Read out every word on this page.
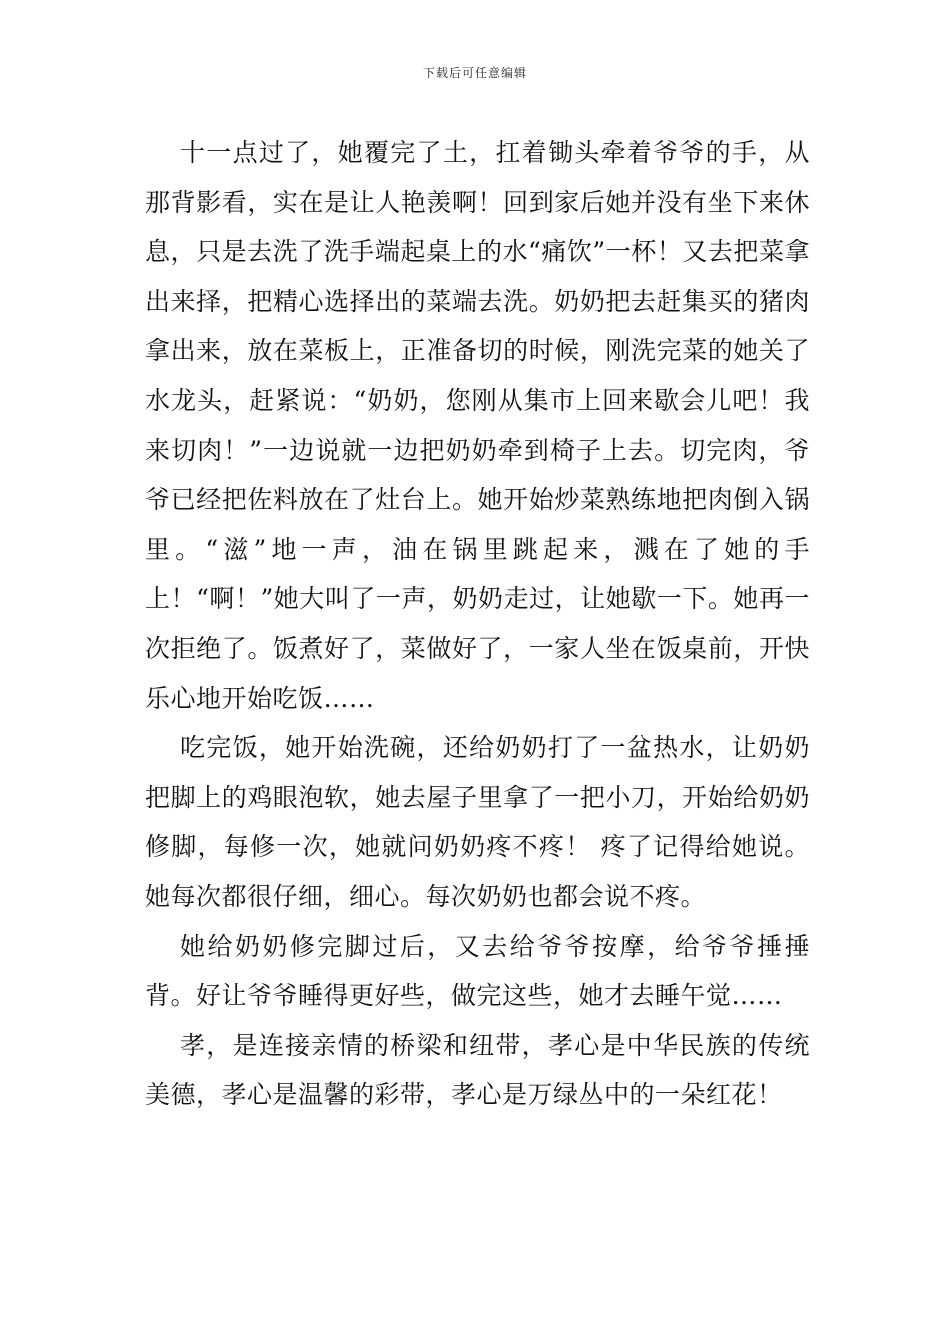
下载后可任意编辑

十一点过了，她覆完了土，扛着锄头牵着爷爷的手，从那背影看，实在是让人艳羡啊！回到家后她并没有坐下来休息，只是去洗了洗手端起桌上的水“痛饮”一杯！又去把菜拿出来择，把精心选择出的菜端去洗。奶奶把去赶集买的猪肉拿出来，放在菜板上，正准备切的时候，刚洗完菜的她关了水龙头，赶紧说：“奶奶，您刚从集市上回来歇会儿吧！我来切肉！”一边说就一边把奶奶牵到椅子上去。切完肉，爷爷已经把佐料放在了灶台上。她开始炒菜熟练地把肉倒入锅里。“滋”地一声，油在锅里跳起来，溅在了她的手上！“啊！”她大叫了一声，奶奶走过，让她歇一下。她再一次拒绝了。饭煮好了，菜做好了，一家人坐在饭桌前，开快乐心地开始吃饭……

吃完饭，她开始洗碗，还给奶奶打了一盆热水，让奶奶把脚上的鸡眼泡软，她去屋子里拿了一把小刀，开始给奶奶修脚，每修一次，她就问奶奶疼不疼！ 疼了记得给她说。她每次都很仔细，细心。每次奶奶也都会说不疼。

她给奶奶修完脚过后，又去给爷爷按摩，给爷爷捶捶背。好让爷爷睡得更好些，做完这些，她才去睡午觉……

孝，是连接亲情的桥梁和纽带，孝心是中华民族的传统美德，孝心是温馨的彩带，孝心是万绿丛中的一朵红花！
